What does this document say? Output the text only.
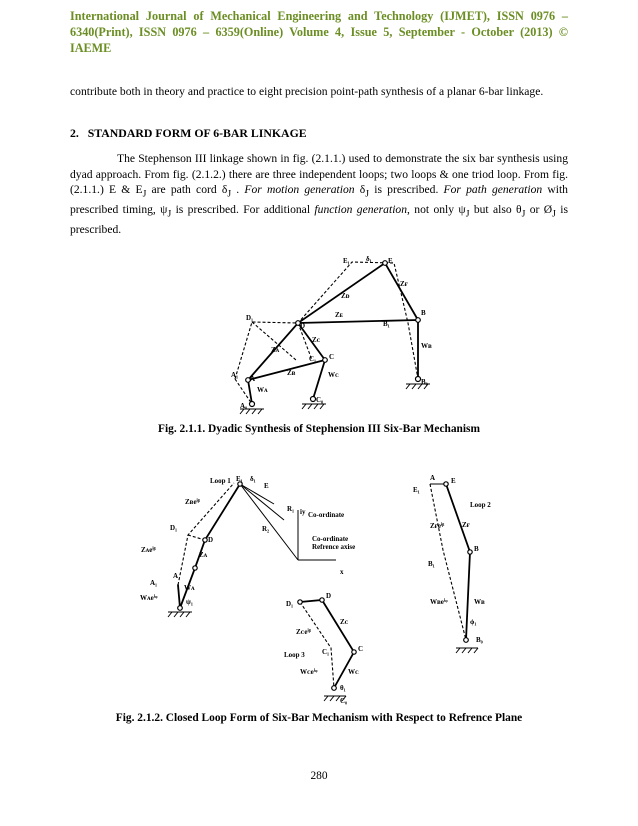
International Journal of Mechanical Engineering and Technology (IJMET), ISSN 0976 – 6340(Print), ISSN 0976 – 6359(Online) Volume 4, Issue 5, September - October (2013) © IAEME
contribute both in theory and practice to eight precision point-path synthesis of a planar 6-bar linkage.
2. STANDARD FORM OF 6-BAR LINKAGE
The Stephenson III linkage shown in fig. (2.1.1.) used to demonstrate the six bar synthesis using dyad approach. From fig. (2.1.2.) there are three independent loops; two loops & one triod loop. From fig. (2.1.1.) E & $E_J$ are path cord $\delta_J$ . For motion generation $\delta_J$ is prescribed. For path generation with prescribed timing, $\psi_J$ is prescribed. For additional function generation, not only $\psi_J$ but also $\theta_J$ or $Ø_J$ is prescribed.
E₁	E
δ₁
Zғ
D₁
D
Zᴅ
Zᴇ	B
B₁
Zᴄ
Wʙ
Zᴀ
C₁ C
A₁ A
Zʙ	Wᴄ
Wᴀ
A₀
C₀
B₀
Fig. 2.1.1. Dyadic Synthesis of Stephension III Six-Bar Mechanism
Loop 1 E₁ δ₁
E
Zʙeⁱᵝ
R₁
R₂
Co-ordinate
iy
Co-ordinate
Refrence axise
x
D₁
D
Zᴀeⁱᵝ
Zᴀ
A₁
A
Wᴀeⁱᵠ
Wᴀ
ψ₁
E₁
A E
Loop 2
Zғeⁱᵝ	Zғ
B
B₁
Wʙeⁱᵠ	Wʙ
ϕ₁
B₀
D₁
D
Zᴄeⁱᵝ
Zᴄ
Loop 3 C₁	C
Wᴄeⁱᵠ	Wᴄ
θ₁
C₀
Fig. 2.1.2. Closed Loop Form of Six-Bar Mechanism with Respect to Refrence Plane
280
